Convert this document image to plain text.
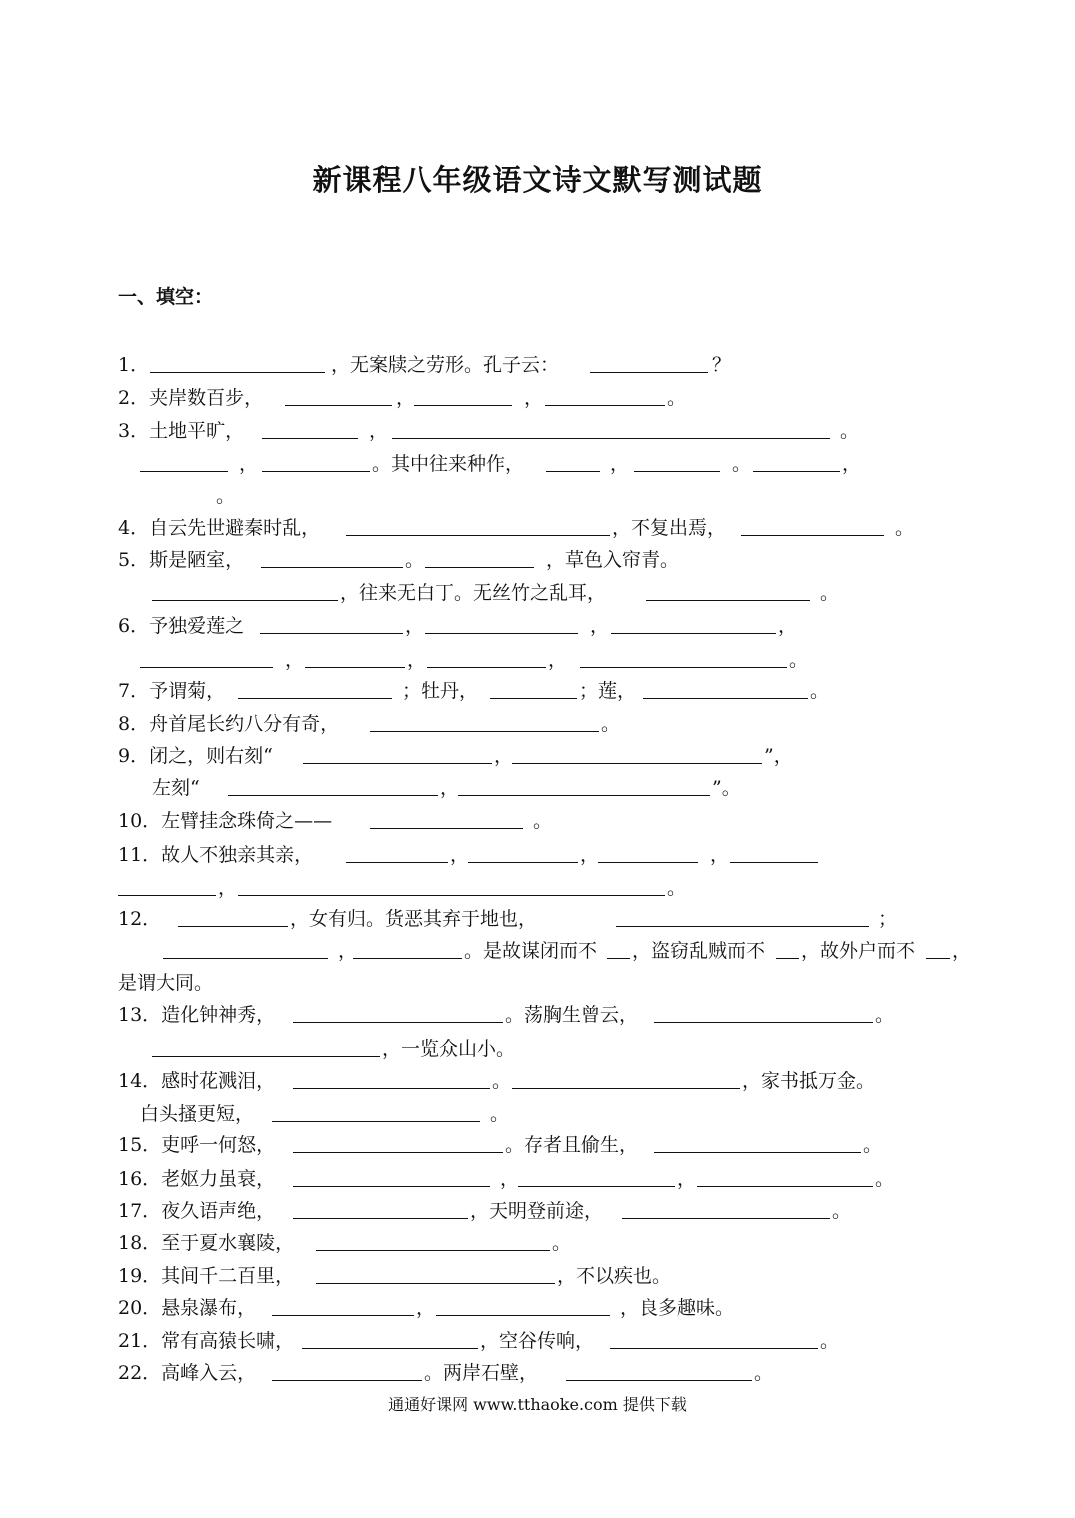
新课程八年级语文诗文默写测试题
一、填空：
1．	，无案牍之劳形。孔子云：	？
2．夹岸数百步，	，	，	。
3．土地平旷，	，	。
，	。其中往来种作，	，	。	，
。
4．自云先世避秦时乱，	，不复出焉，	。
5．斯是陋室，	。	，草色入帘青。
，往来无白丁。无丝竹之乱耳，	。
6．予独爱莲之	，	，	，
，	，	，	。
7．予谓菊，	；牡丹，	；莲，	。
8．舟首尾长约八分有奇，	。
9．闭之，则右刻“	，	”，
左刻“	，	”。
10．左臂挂念珠倚之——	。
11．故人不独亲其亲，	，	，	，
，	。
12．	，女有归。货恶其弃于地也，	；
，	。是故谋闭而不 ，盗窃乱贼而不 ，故外户而不 ，
是谓大同。
13．造化钟神秀，	。荡胸生曾云，	。
，一览众山小。
14．感时花溅泪，	。	，家书抵万金。
白头搔更短，	。
15．吏呼一何怒，	。存者且偷生，	。
16．老妪力虽衰，	，	，	。
17．夜久语声绝，	，天明登前途，	。
18．至于夏水襄陵，	。
19．其间千二百里，	，不以疾也。
20．悬泉瀑布，	，	，良多趣味。
21．常有高猿长啸，	，空谷传响，	。
22．高峰入云，	。两岸石壁，	。
通通好课网 www.tthaoke.com 提供下载
